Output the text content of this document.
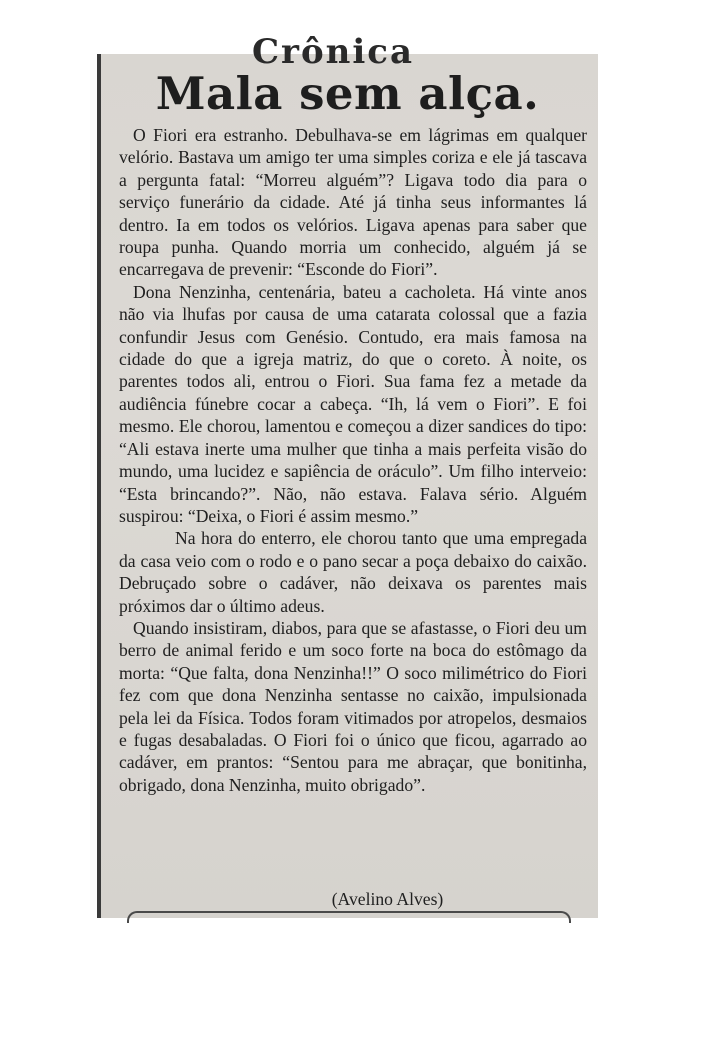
Crônica
Mala sem alça.

O Fiori era estranho. Debulhava-se em lágrimas em qualquer velório. Bastava um amigo ter uma simples coriza e ele já tascava a pergunta fatal: “Morreu alguém”? Ligava todo dia para o serviço funerário da cidade. Até já tinha seus informantes lá dentro. Ia em todos os velórios. Ligava apenas para saber que roupa punha. Quando morria um conhecido, alguém já se encarregava de prevenir: “Esconde do Fiori”.

Dona Nenzinha, centenária, bateu a cacholeta. Há vinte anos não via lhufas por causa de uma catarata colossal que a fazia confundir Jesus com Genésio. Contudo, era mais famosa na cidade do que a igreja matriz, do que o coreto. À noite, os parentes todos ali, entrou o Fiori. Sua fama fez a metade da audiência fúnebre cocar a cabeça. “Ih, lá vem o Fiori”. E foi mesmo. Ele chorou, lamentou e começou a dizer sandices do tipo: “Ali estava inerte uma mulher que tinha a mais perfeita visão do mundo, uma lucidez e sapiência de oráculo”. Um filho interveio: “Esta brincando?”. Não, não estava. Falava sério. Alguém suspirou: “Deixa, o Fiori é assim mesmo.”

Na hora do enterro, ele chorou tanto que uma empregada da casa veio com o rodo e o pano secar a poça debaixo do caixão. Debruçado sobre o cadáver, não deixava os parentes mais próximos dar o último adeus.

Quando insistiram, diabos, para que se afastasse, o Fiori deu um berro de animal ferido e um soco forte na boca do estômago da morta: “Que falta, dona Nenzinha!!” O soco milimétrico do Fiori fez com que dona Nenzinha sentasse no caixão, impulsionada pela lei da Física. Todos foram vitimados por atropelos, desmaios e fugas desabaladas. O Fiori foi o único que ficou, agarrado ao cadáver, em prantos: “Sentou para me abraçar, que bonitinha, obrigado, dona Nenzinha, muito obrigado”.

(Avelino Alves)
